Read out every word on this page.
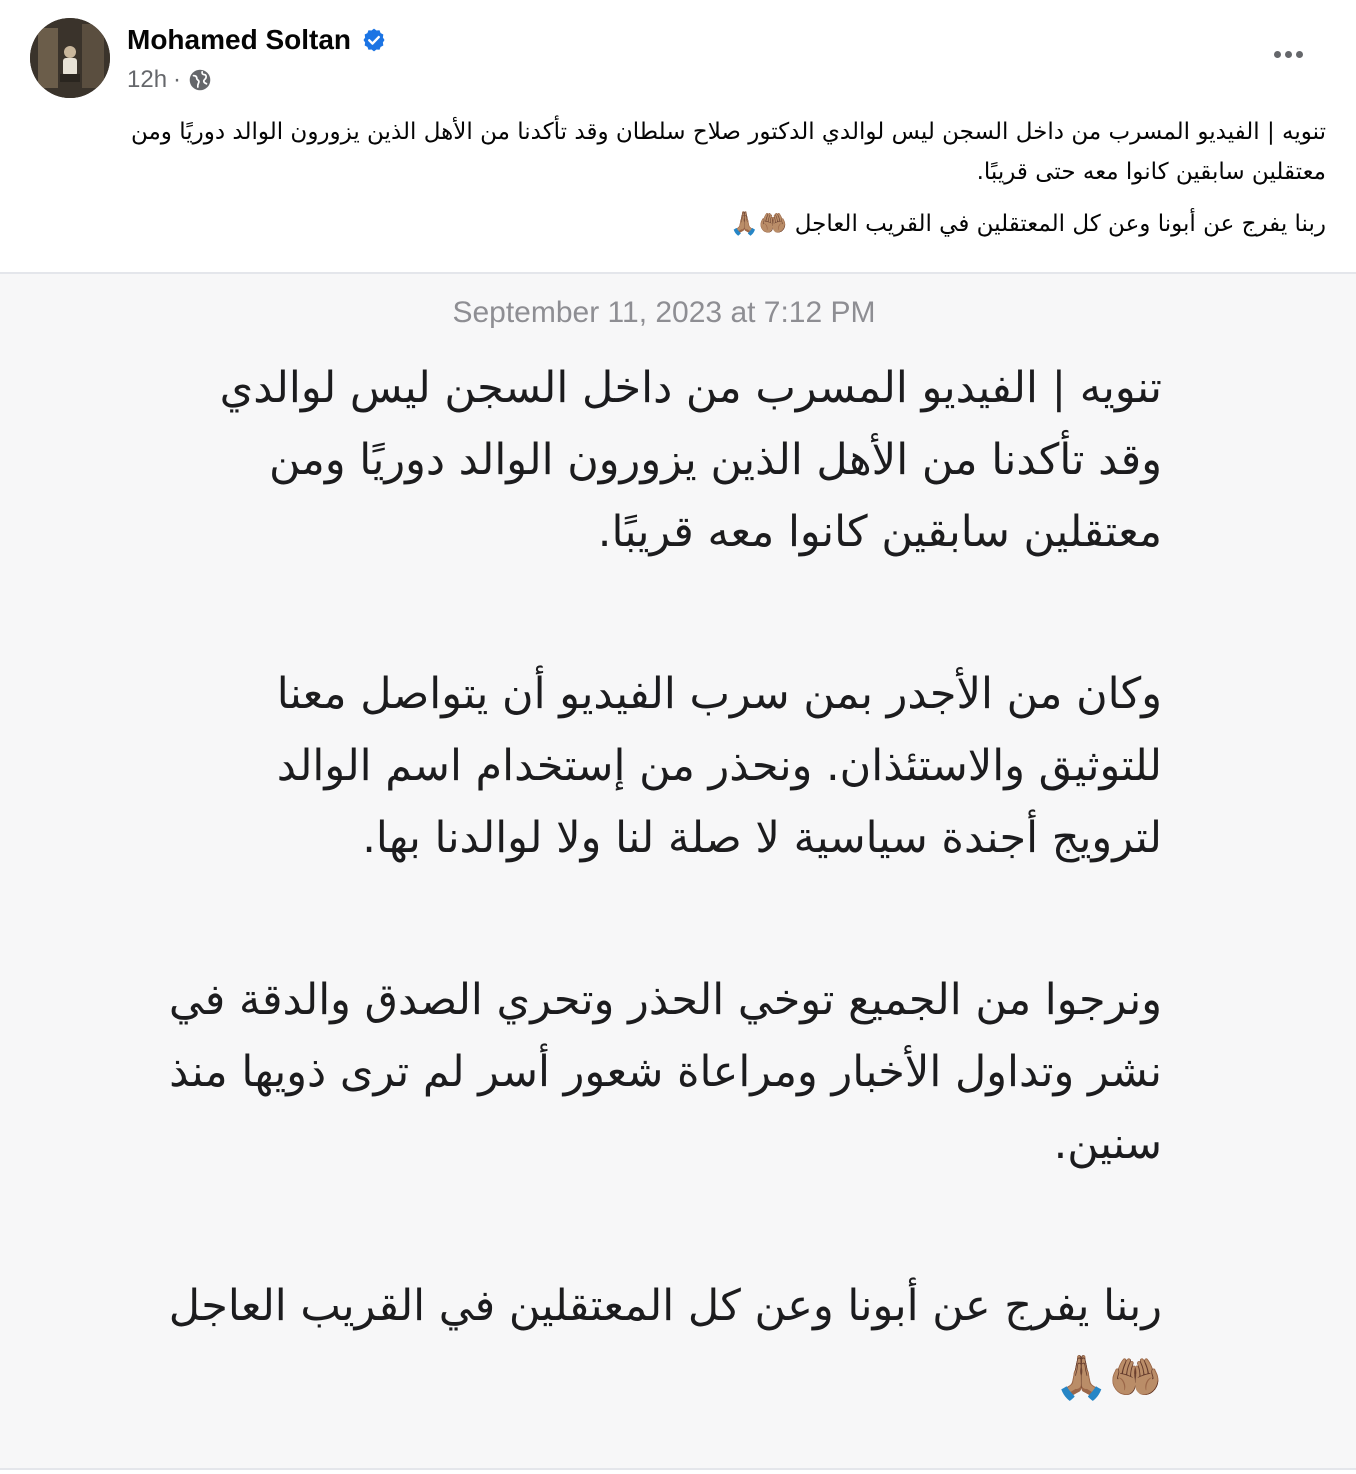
Mohamed Soltan
12h ·

تنويه | الفيديو المسرب من داخل السجن ليس لوالدي الدكتور صلاح سلطان وقد تأكدنا من الأهل الذين يزورون الوالد دوريًا ومن معتقلين سابقين كانوا معه حتى قريبًا.

ربنا يفرج عن أبونا وعن كل المعتقلين في القريب العاجل 🤲🏽🙏🏽

September 11, 2023 at 7:12 PM

تنويه | الفيديو المسرب من داخل السجن ليس لوالدي وقد تأكدنا من الأهل الذين يزورون الوالد دوريًا ومن معتقلين سابقين كانوا معه قريبًا.

وكان من الأجدر بمن سرب الفيديو أن يتواصل معنا للتوثيق والاستئذان. ونحذر من إستخدام اسم الوالد لترويج أجندة سياسية لا صلة لنا ولا لوالدنا بها.

ونرجوا من الجميع توخي الحذر وتحري الصدق والدقة في نشر وتداول الأخبار ومراعاة شعور أسر لم ترى ذويها منذ سنين.

ربنا يفرج عن أبونا وعن كل المعتقلين في القريب العاجل 🤲🏽🙏🏽
